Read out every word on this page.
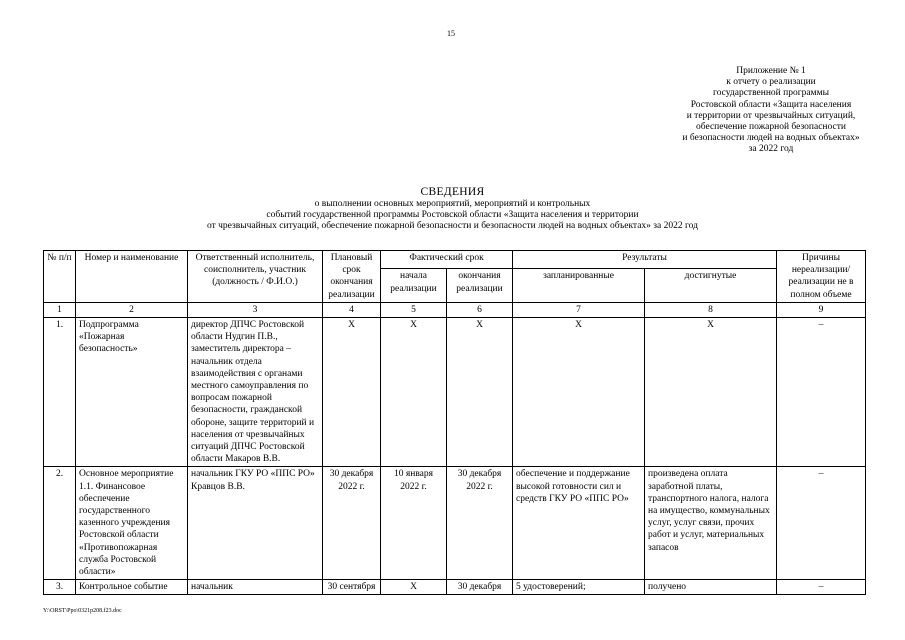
15
Приложение № 1
к отчету о реализации
государственной программы
Ростовской области «Защита населения
и территории от чрезвычайных ситуаций,
обеспечение пожарной безопасности
и безопасности людей на водных объектах»
за 2022 год
СВЕДЕНИЯ
о выполнении основных мероприятий, мероприятий и контрольных
событий государственной программы Ростовской области «Защита населения и территории
от чрезвычайных ситуаций, обеспечение пожарной безопасности и безопасности людей на водных объектах» за 2022 год
№ п/п	Номер и наименование	Ответственный исполнитель, соисполнитель, участник (должность / Ф.И.О.)	Плановый срок окончания реализации	Фактический срок		Результаты		Причины нереализации/ реализации не в полном объеме
				начала реализации	окончания реализации	запланированные	достигнутые	
1	2	3	4	5	6	7	8	9
1.	Подпрограмма «Пожарная безопасность»	директор ДПЧС Ростовской области Нудгин П.В., заместитель директора – начальник отдела взаимодействия с органами местного самоуправления по вопросам пожарной безопасности, гражданской обороне, защите территорий и населения от чрезвычайных ситуаций ДПЧС Ростовской области Макаров В.В.	Х	Х	Х	Х	Х	–
2.	Основное мероприятие 1.1. Финансовое обеспечение государственного казенного учреждения Ростовской области «Противопожарная служба Ростовской области»	начальник ГКУ РО «ППС РО» Кравцов В.В.	30 декабря 2022 г.	10 января 2022 г.	30 декабря 2022 г.	обеспечение и поддержание высокой готовности сил и средств ГКУ РО «ППС РО»	произведена оплата заработной платы, транспортного налога, налога на имущество, коммунальных услуг, услуг связи, прочих работ и услуг, материальных запасов	–
3.	Контрольное событие	начальник	30 сентября	Х	30 декабря	5 удостоверений;	получено	–
Y:\ORST\Ppo\0321p208.f23.doc
